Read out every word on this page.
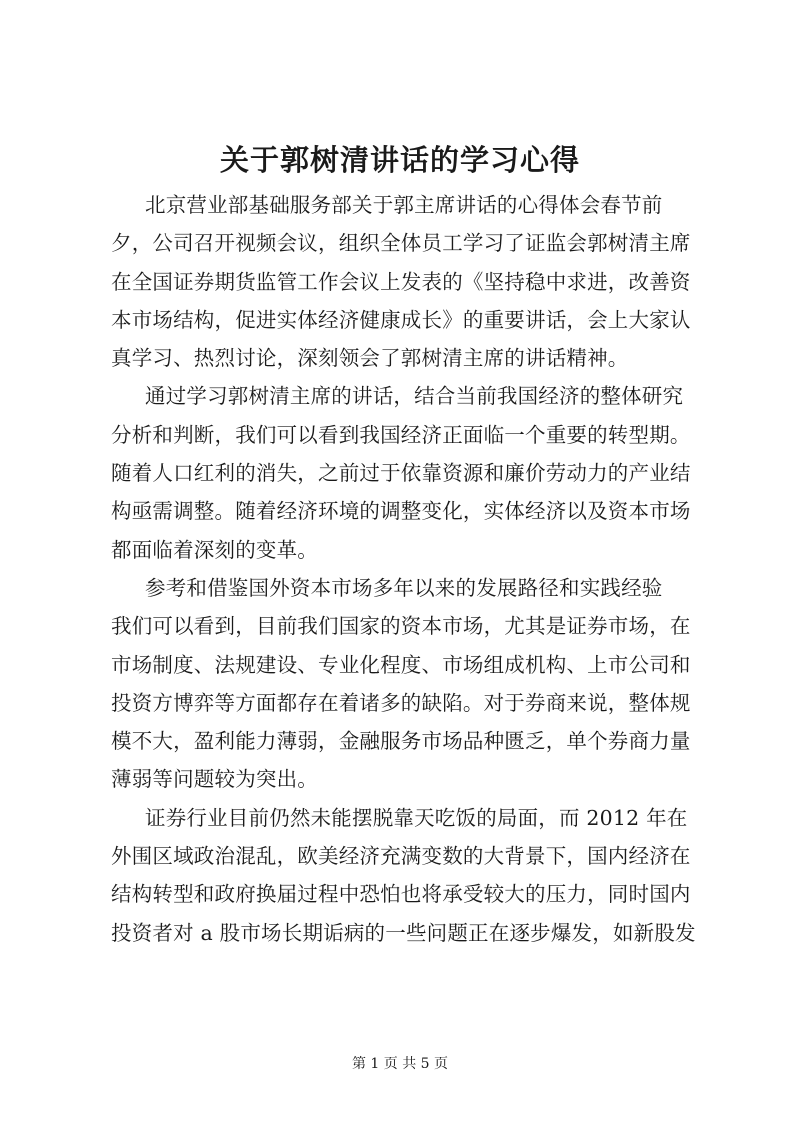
关于郭树清讲话的学习心得
北京营业部基础服务部关于郭主席讲话的心得体会春节前
夕，公司召开视频会议，组织全体员工学习了证监会郭树清主席
在全国证券期货监管工作会议上发表的《坚持稳中求进，改善资
本市场结构，促进实体经济健康成长》的重要讲话，会上大家认
真学习、热烈讨论，深刻领会了郭树清主席的讲话精神。
通过学习郭树清主席的讲话，结合当前我国经济的整体研究
分析和判断，我们可以看到我国经济正面临一个重要的转型期。
随着人口红利的消失，之前过于依靠资源和廉价劳动力的产业结
构亟需调整。随着经济环境的调整变化，实体经济以及资本市场
都面临着深刻的变革。
参考和借鉴国外资本市场多年以来的发展路径和实践经验
我们可以看到，目前我们国家的资本市场，尤其是证券市场，在
市场制度、法规建设、专业化程度、市场组成机构、上市公司和
投资方博弈等方面都存在着诸多的缺陷。对于券商来说，整体规
模不大，盈利能力薄弱，金融服务市场品种匮乏，单个券商力量
薄弱等问题较为突出。
证券行业目前仍然未能摆脱靠天吃饭的局面，而 2012 年在
外围区域政治混乱，欧美经济充满变数的大背景下，国内经济在
结构转型和政府换届过程中恐怕也将承受较大的压力，同时国内
投资者对 a 股市场长期诟病的一些问题正在逐步爆发，如新股发
第 1 页 共 5 页
